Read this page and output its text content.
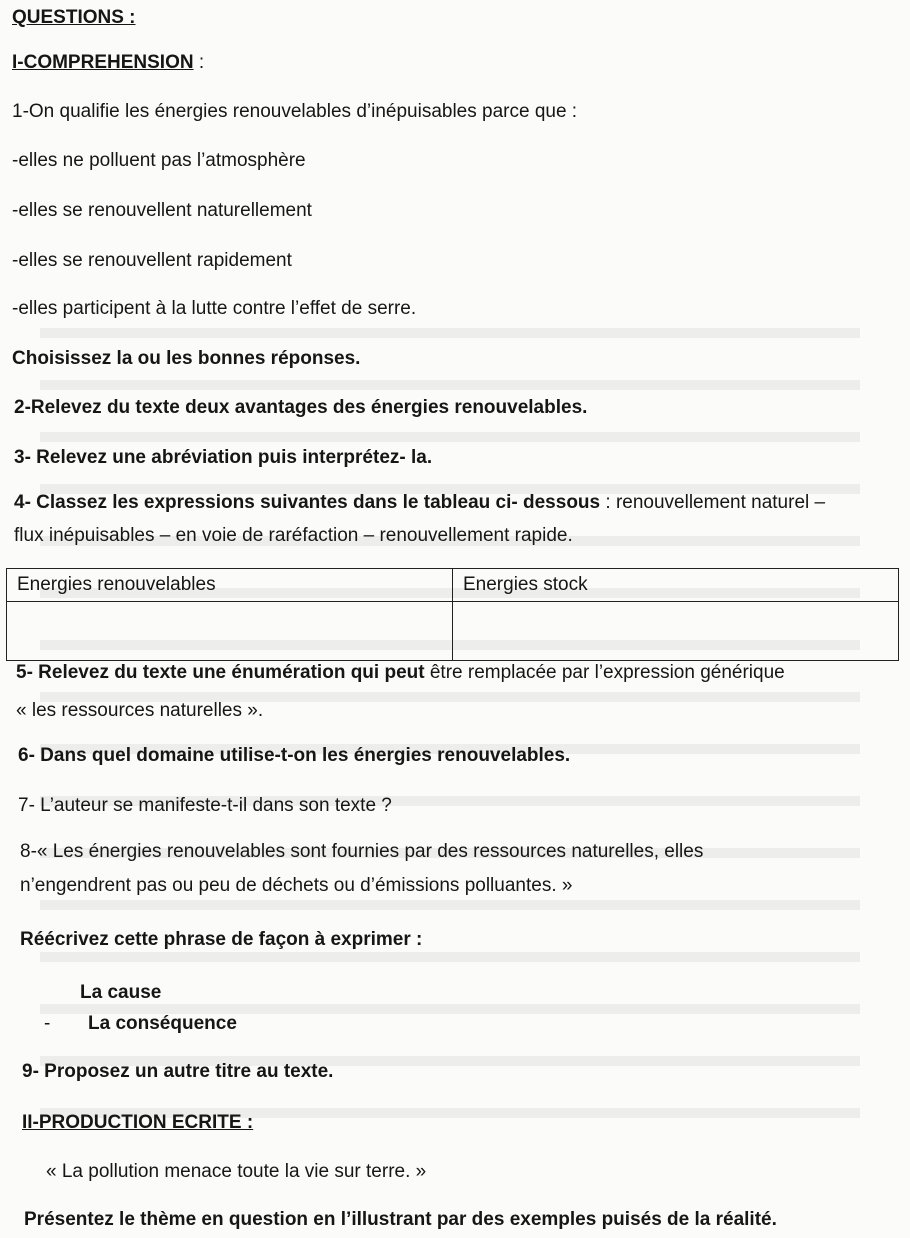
QUESTIONS :
I-COMPREHENSION :
1-On qualifie les énergies renouvelables d’inépuisables parce que :
-elles ne polluent pas l’atmosphère
-elles se renouvellent naturellement
-elles se renouvellent rapidement
-elles participent à la lutte contre l’effet de serre.
Choisissez la ou les bonnes réponses.
2-Relevez du texte deux avantages des énergies renouvelables.
3- Relevez une abréviation puis interprétez- la.
4- Classez les expressions suivantes dans le tableau ci- dessous : renouvellement naturel –
flux inépuisables – en voie de raréfaction – renouvellement rapide.
Energies renouvelables	Energies stock

5- Relevez du texte une énumération qui peut être remplacée par l’expression générique
« les ressources naturelles ».
6- Dans quel domaine utilise-t-on les énergies renouvelables.
7- L’auteur se manifeste-t-il dans son texte ?
8-« Les énergies renouvelables sont fournies par des ressources naturelles, elles
n’engendrent pas ou peu de déchets ou d’émissions polluantes. »
Réécrivez cette phrase de façon à exprimer :
La cause
- La conséquence
9- Proposez un autre titre au texte.
II-PRODUCTION ECRITE :
« La pollution menace toute la vie sur terre. »
Présentez le thème en question en l’illustrant par des exemples puisés de la réalité.
